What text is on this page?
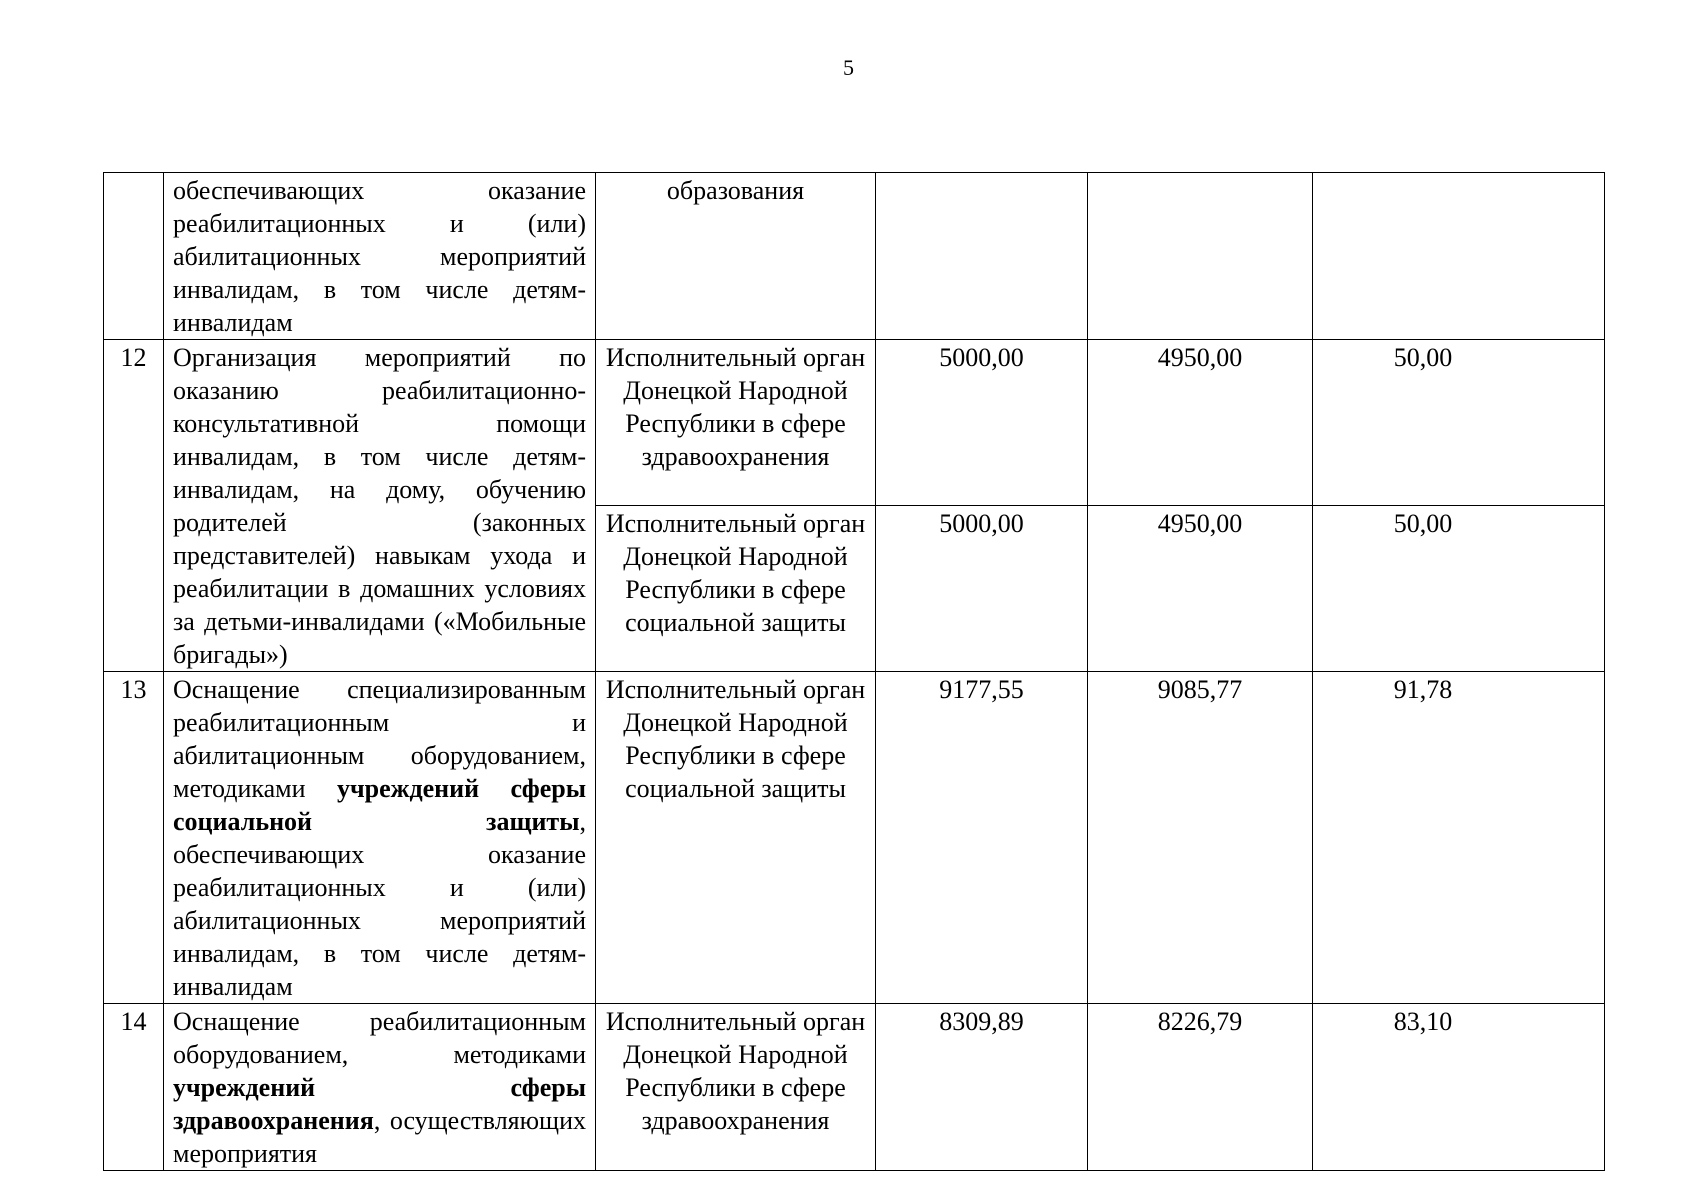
5
	обеспечивающих оказание реабилитационных и (или) абилитационных мероприятий инвалидам, в том числе детям-инвалидам	образования			
12	Организация мероприятий по оказанию реабилитационно-консультативной помощи инвалидам, в том числе детям-инвалидам, на дому, обучению родителей (законных представителей) навыкам ухода и реабилитации в домашних условиях за детьми-инвалидами («Мобильные бригады»)	Исполнительный орган Донецкой Народной Республики в сфере здравоохранения	5000,00	4950,00	50,00
		Исполнительный орган Донецкой Народной Республики в сфере социальной защиты	5000,00	4950,00	50,00
13	Оснащение специализированным реабилитационным и абилитационным оборудованием, методиками учреждений сферы социальной защиты, обеспечивающих оказание реабилитационных и (или) абилитационных мероприятий инвалидам, в том числе детям-инвалидам	Исполнительный орган Донецкой Народной Республики в сфере социальной защиты	9177,55	9085,77	91,78
14	Оснащение реабилитационным оборудованием, методиками учреждений сферы здравоохранения, осуществляющих мероприятия	Исполнительный орган Донецкой Народной Республики в сфере здравоохранения	8309,89	8226,79	83,10
